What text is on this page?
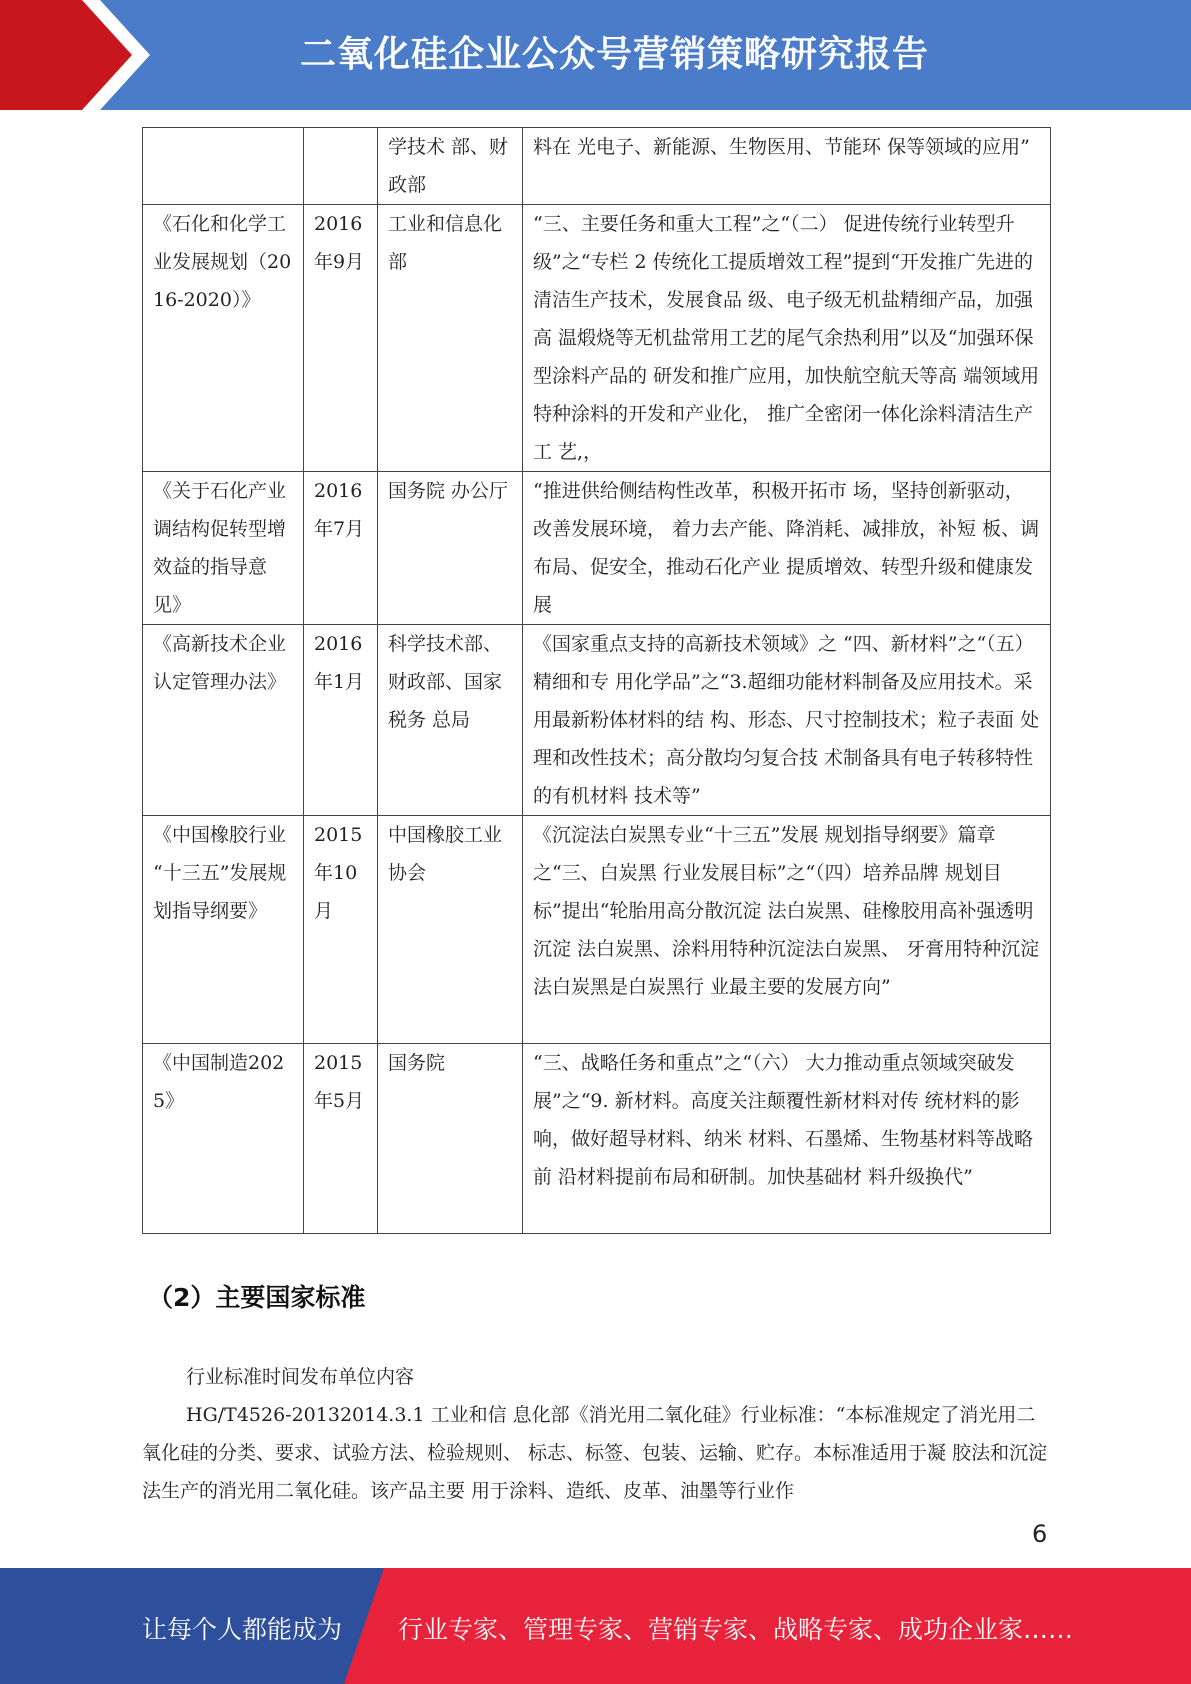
二氧化硅企业公众号营销策略研究报告
		学技术 部、财政部	料在 光电子、新能源、生物医用、节能环 保等领域的应用”
《石化和化学工 业发展规划（2016-2020）》	2016年9月	工业和信息化 部	“三、主要任务和重大工程”之“（二） 促进传统行业转型升级”之“专栏 2 传统化工提质增效工程”提到“开发推广先进的清洁生产技术，发展食品 级、电子级无机盐精细产品，加强高 温煅烧等无机盐常用工艺的尾气余热利用”以及“加强环保型涂料产品的 研发和推广应用，加快航空航天等高 端领域用特种涂料的开发和产业化， 推广全密闭一体化涂料清洁生产工 艺,，
《关于石化产业 调结构促转型增 效益的指导意见》	2016年7月	国务院 办公厅	“推进供给侧结构性改革，积极开拓市 场，坚持创新驱动，改善发展环境， 着力去产能、降消耗、减排放，补短 板、调布局、促安全，推动石化产业 提质增效、转型升级和健康发展
《高新技术企业 认定管理办法》	2016年1月	科学技术部、 财政部、国家 税务 总局	《国家重点支持的高新技术领域》之 “四、新材料”之“（五）精细和专 用化学品”之“3.超细功能材料制备及应用技术。采用最新粉体材料的结 构、形态、尺寸控制技术；粒子表面 处理和改性技术；高分散均匀复合技 术制备具有电子转移特性的有机材料 技术等”
《中国橡胶行业 “十三五”发展规划指导纲要》	2015年10月	中国橡胶工业 协会	《沉淀法白炭黑专业“十三五”发展 规划指导纲要》篇章之“三、白炭黑 行业发展目标”之“（四）培养品牌 规划目标”提出“轮胎用高分散沉淀 法白炭黑、硅橡胶用高补强透明沉淀 法白炭黑、涂料用特种沉淀法白炭黑、 牙膏用特种沉淀法白炭黑是白炭黑行 业最主要的发展方向”
《中国制造2025》	2015年5月	国务院	“三、战略任务和重点”之“（六） 大力推动重点领域突破发展”之“9. 新材料。高度关注颠覆性新材料对传 统材料的影响，做好超导材料、纳米 材料、石墨烯、生物基材料等战略前 沿材料提前布局和研制。加快基础材 料升级换代”
（2）主要国家标准
行业标准时间发布单位内容
HG/T4526-20132014.3.1 工业和信 息化部《消光用二氧化硅》行业标准：“本标准规定了消光用二氧化硅的分类、要求、试验方法、检验规则、 标志、标签、包装、运输、贮存。本标准适用于凝 胶法和沉淀法生产的消光用二氧化硅。该产品主要 用于涂料、造纸、皮革、油墨等行业作
6
让每个人都能成为 行业专家、管理专家、营销专家、战略专家、成功企业家……
